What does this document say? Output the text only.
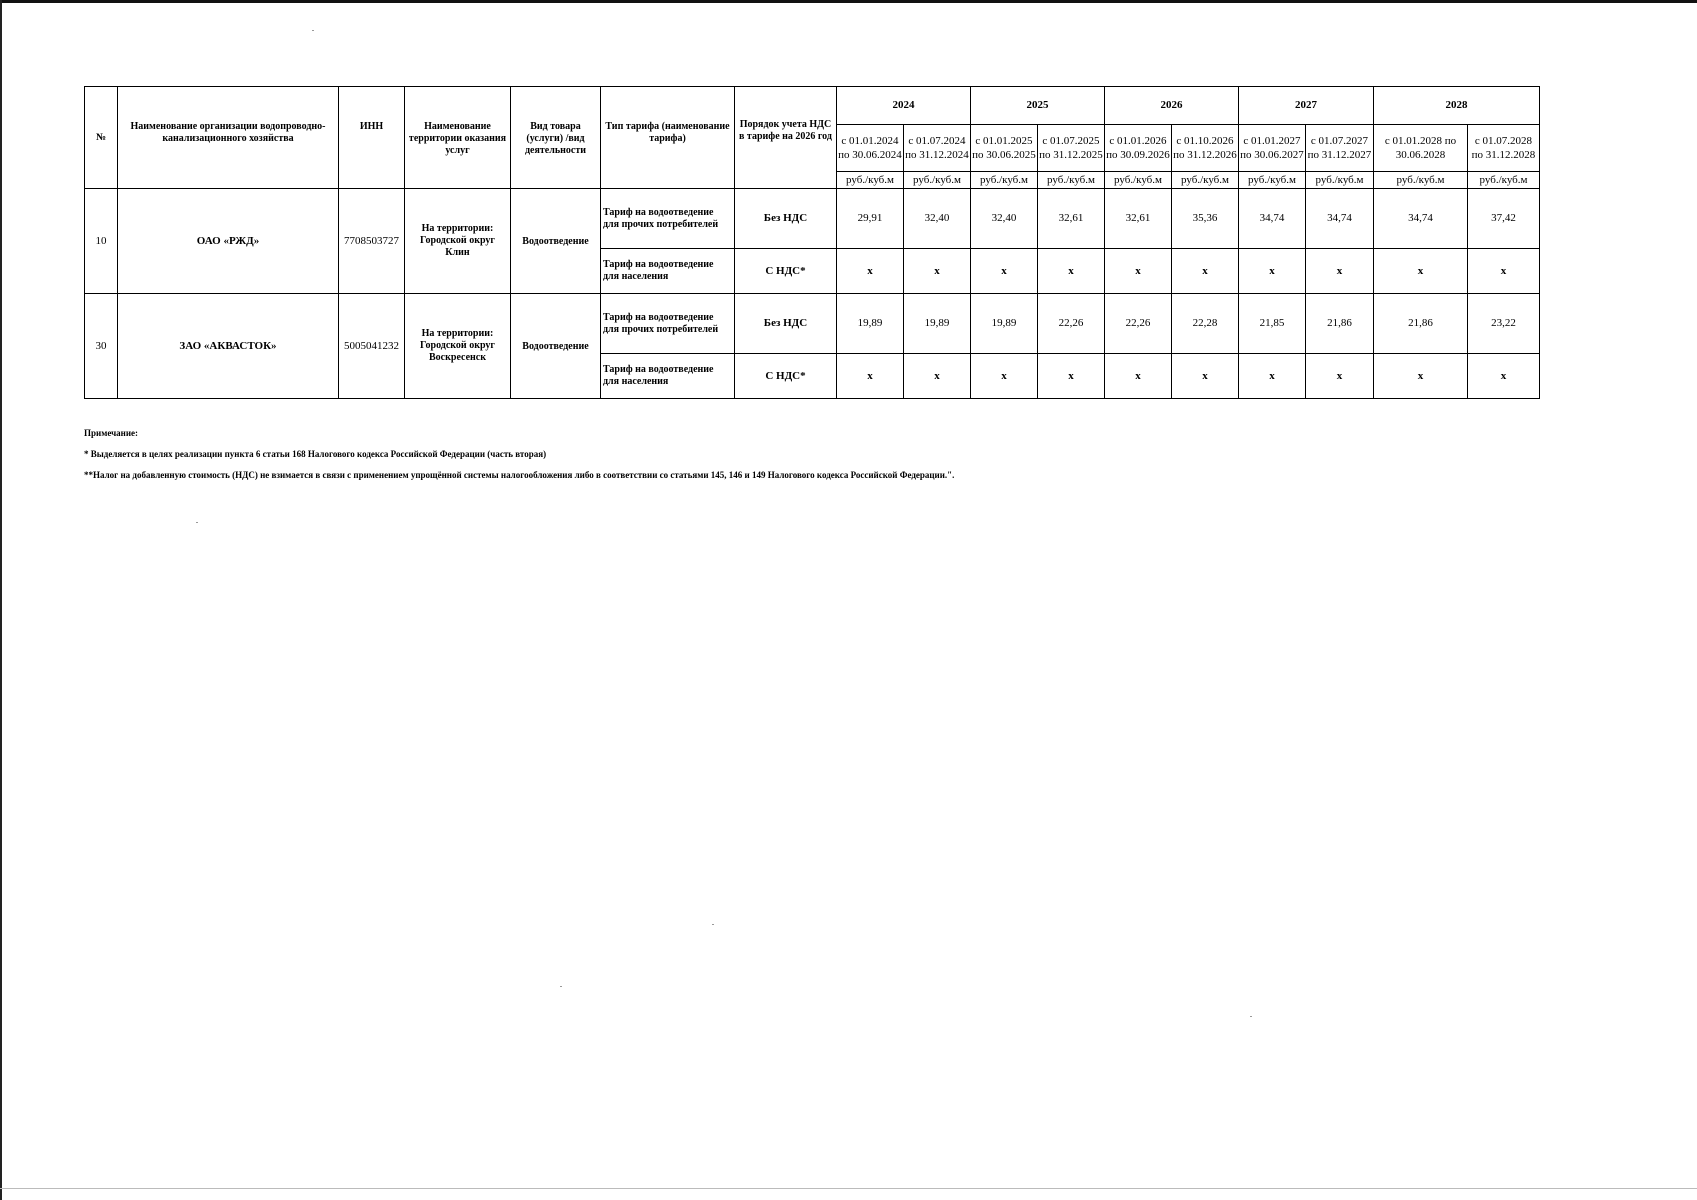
№	Наименование организации водопроводно-канализационного хозяйства	ИНН	Наименование территории оказания услуг	Вид товара (услуги) /вид деятельности	Тип тарифа (наименование тарифа)	Порядок учета НДС в тарифе на 2026 год	2024		2025		2026		2027		2028	
							с 01.01.2024 по 30.06.2024	с 01.07.2024 по 31.12.2024	с 01.01.2025 по 30.06.2025	с 01.07.2025 по 31.12.2025	с 01.01.2026 по 30.09.2026	с 01.10.2026 по 31.12.2026	с 01.01.2027 по 30.06.2027	с 01.07.2027 по 31.12.2027	с 01.01.2028 по 30.06.2028	с 01.07.2028 по 31.12.2028
							руб./куб.м	руб./куб.м	руб./куб.м	руб./куб.м	руб./куб.м	руб./куб.м	руб./куб.м	руб./куб.м	руб./куб.м	руб./куб.м
10	ОАО «РЖД»	7708503727	На территории: Городской округ Клин	Водоотведение	Тариф на водоотведение для прочих потребителей	Без НДС	29,91	32,40	32,40	32,61	32,61	35,36	34,74	34,74	34,74	37,42
					Тариф на водоотведение для населения	С НДС*	x	x	x	x	x	x	x	x	x	x
30	ЗАО «АКВАСТОК»	5005041232	На территории: Городской округ Воскресенск	Водоотведение	Тариф на водоотведение для прочих потребителей	Без НДС	19,89	19,89	19,89	22,26	22,26	22,28	21,85	21,86	21,86	23,22
					Тариф на водоотведение для населения	С НДС*	x	x	x	x	x	x	x	x	x	x
Примечание:
* Выделяется в целях реализации пункта 6 статьи 168 Налогового кодекса Российской Федерации (часть вторая)
**Налог на добавленную стоимость (НДС) не взимается в связи с применением упрощённой системы налогообложения либо в соответствии со статьями 145, 146 и 149 Налогового кодекса Российской Федерации.".
